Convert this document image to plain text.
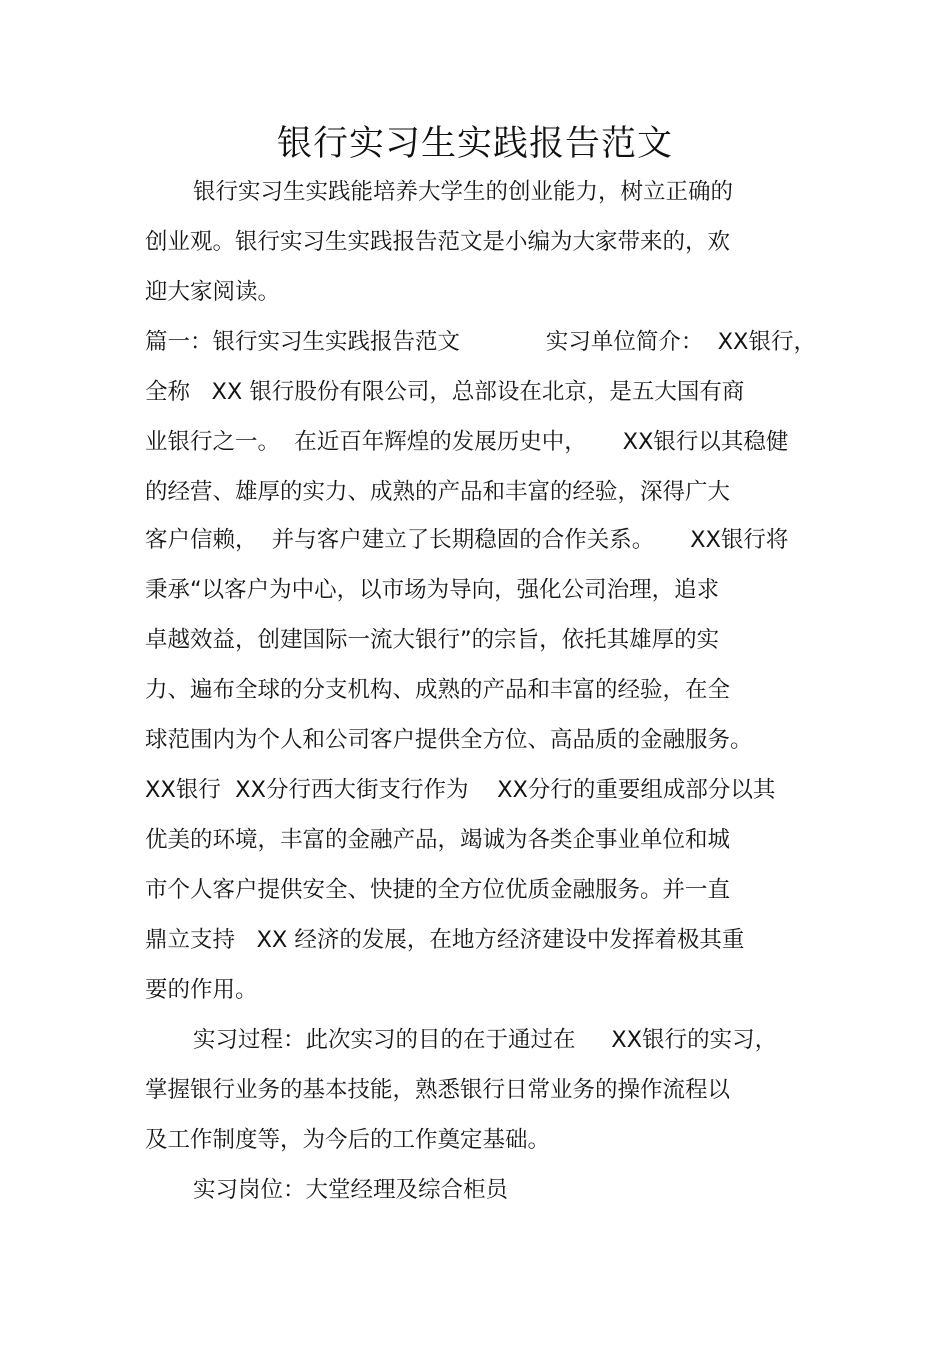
银行实习生实践报告范文
银行实习生实践能培养大学生的创业能力，树立正确的
创业观。银行实习生实践报告范文是小编为大家带来的，欢
迎大家阅读。
篇一：银行实习生实践报告范文            实习单位简介：  XX银行，
全称   XX 银行股份有限公司，总部设在北京，是五大国有商
业银行之一。  在近百年辉煌的发展历史中，     XX银行以其稳健
的经营、雄厚的实力、成熟的产品和丰富的经验，深得广大
客户信赖，  并与客户建立了长期稳固的合作关系。     XX银行将
秉承“以客户为中心，以市场为导向，强化公司治理，追求
卓越效益，创建国际一流大银行”的宗旨，依托其雄厚的实
力、遍布全球的分支机构、成熟的产品和丰富的经验，在全
球范围内为个人和公司客户提供全方位、高品质的金融服务。
XX银行  XX分行西大街支行作为    XX分行的重要组成部分以其
优美的环境，丰富的金融产品，竭诚为各类企事业单位和城
市个人客户提供安全、快捷的全方位优质金融服务。并一直
鼎立支持   XX 经济的发展，在地方经济建设中发挥着极其重
要的作用。
实习过程：此次实习的目的在于通过在     XX银行的实习，
掌握银行业务的基本技能，熟悉银行日常业务的操作流程以
及工作制度等，为今后的工作奠定基础。
实习岗位：大堂经理及综合柜员
